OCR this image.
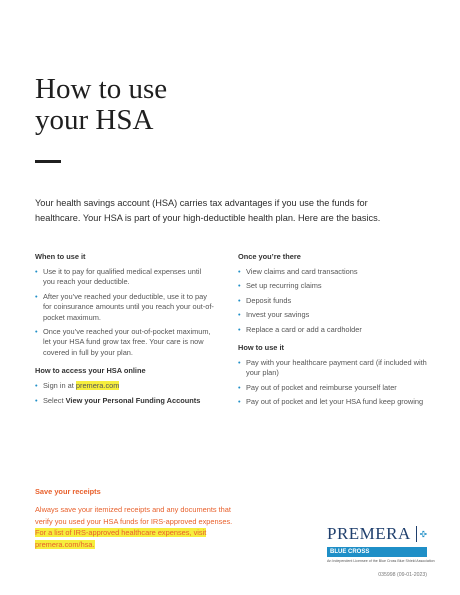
How to use
your HSA

Your health savings account (HSA) carries tax advantages if you use the funds for healthcare. Your HSA is part of your high-deductible health plan. Here are the basics.

When to use it
• Use it to pay for qualified medical expenses until you reach your deductible.
• After you’ve reached your deductible, use it to pay for coinsurance amounts until you reach your out-of-pocket maximum.
• Once you’ve reached your out-of-pocket maximum, let your HSA fund grow tax free. Your care is now covered in full by your plan.
How to access your HSA online
• Sign in at premera.com
• Select View your Personal Funding Accounts
Once you’re there
• View claims and card transactions
• Set up recurring claims
• Deposit funds
• Invest your savings
• Replace a card or add a cardholder
How to use it
• Pay with your healthcare payment card (if included with your plan)
• Pay out of pocket and reimburse yourself later
• Pay out of pocket and let your HSA fund keep growing
Save your receipts

Always save your itemized receipts and any documents that verify you used your HSA funds for IRS-approved expenses. For a list of IRS-approved healthcare expenses, visit premera.com/hsa.

PREMERA
BLUE CROSS
An Independent Licensee of the Blue Cross Blue Shield Association
035998 (09-01-2023)
